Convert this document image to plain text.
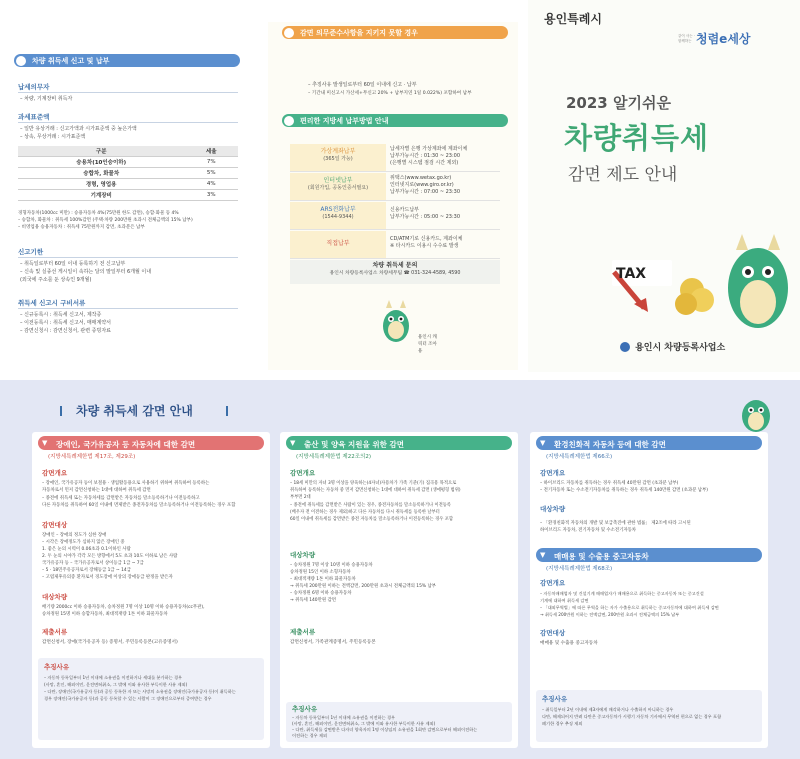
차량 취득세 신고 및 납부
납세의무자
– 차량, 기계장비 취득자
과세표준액
– 일반 유상거래 : 신고가액과 시가표준액 중 높은가액
– 상속, 무상거래 : 시가표준액
구분	세율
승용차(10인승이하)	7%
승합차, 화물차	5%
경형, 영업용	4%
기계장비	3%
경형자동차(1000cc 미만) : 승용자동차 4%(75만원 한도 감면), 승합·화물 등 4%
– 승합차, 화물차 : 취득세 100%감면 (주택·차량 200만원 초과시 전체금액의 15% 납부)
– 비영업용 승용자동차 : 취득세 75만원까지 감면, 초과분은 납부
신고기한
– 취득일로부터 60일 이내 등록하기 전 신고납부
– 신속 및 실종선 게시일이 속하는 달의 말일부터 6개월 이내
(외국에 주소를 둔 상속인 9개월)
취득세 신고시 구비서류
– 신규등록시 : 취득세 신고서, 제작증
– 이전등록시 : 취득세 신고서, 매매계약서
– 감면신청시 : 감면신청서, 관련 증빙자료
감면 의무준수사항을 지키지 못할 경우
– 추징사유 발생일로부터 60일 이내에 신고 · 납부
– 기간내 미신고시 가산세+무신고 20% + 납부지연 1일 0.022%) 포함하여 납부
편리한 지방세 납부방법 안내
가상계좌납부
(365일 가능)
납세자별 은행 가상계좌에 계좌이체
납부가능시간 : 01:30 ~ 23:00
(은행별 시스템 점검 시간 제외)
인터넷납부
(회원가입, 공동인증서필요)
위택스(www.wetax.go.kr)
인터넷지로(www.giro.or.kr)
납부가능시간 : 07:00 ~ 23:30
ARS전화납부
(1544-9344)
신용카드납부
납부가능시간 : 05:00 ~ 23:30
직접납부
CD/ATM기로 신용카드, 계좌이체
※ 타시카드 이용시 수수료 발생
차량 취득세 문의
용인시 차량등록사업소 차량세무팀 ☎ 031-324-4589, 4590
용인시 캐릭터 조아용
용인특례시
같이 사는 · 함께하는 청렴e세상
2023 알기쉬운
차량취득세
감면 제도 안내
TAX
용인시 차량등록사업소
차량 취득세 감면 안내
▼	장애인, 국가유공자 등 자동차에 대한 감면
(지방세특례제한법 제17조, 제29조)
감면개요
– 장애인, 국가유공자 등이 보철용 · 생업활동용으로 사용하기 위하여 취득하여 등록하는
자동차로서 먼저 감면신청하는 1대에 대하여 취득세 감면
– 종전에 취득세 또는 자동차세를 감면받은 자동차를 말소등록하거나 이전등록하고
다른 자동차를 취득하여 60일 이내에 면제받은 종전자동차를 말소등록하거나 이전등록하는 경우 포함
감면대상
장애인 – 장애의 정도가 심한 장애
– 시각은 장애정도가 심하지 않은 장애인 중
1. 좋은 눈의 시력이 0.06초과 0.1이하인 사람
2. 두 눈의 시야가 각각 모든 방향에서 5도 초과 10도 이하로 남은 사람
국가유공자 등 – 국가유공자로서 상이등급 1급 ~ 7급
– 5 · 18민주유공자로서 장해등급 1급 ~ 14급
– 고엽제후유의증 환자로서 경도장애 이상의 장애등급 판정을 받은자
대상차량
배기량 2000cc 이하 승용자동차, 승차정원 7명 이상 10명 이하 승용자동차(cc무관),
승차정원 15명 이하 승합자동차, 최대적재량 1톤 이하 화물자동차
제출서류
감면신청서, 장애(국가유공자 등) 증명서, 주민등록등본(고유증명서)
추징사유
– 자동차 등록일부터 1년 이내에 소유권을 이전하거나 세대를 분가하는 경우
(사망, 혼인, 해외이민, 운전면허취소, 그 밖에 이와 유사한 부득이한 사유 제외)
– 다만, 장애인(국가유공자 등)과 공동 등록한 자 또는 사망의 소유권을 장애인(국가유공자 등)이 취득하는
경우 장애인(국가유공자 등)과 공동 등록할 수 있는 사람이 그 장애인으로부터 증여받는 경우
▼	출산 및 양육 지원을 위한 감면
(지방세특례제한법 제22조의2)
감면개요
– 18세 미만의 자녀 3명 이상을 양육하는(4자녀)자용차가 가족 기준(기) 집곡용 목적으로
취득하여 등록하는 자동차 중 먼저 감면신청하는 1대에 대하여 취득세 감면 (생애평형 범위)
부부면 2대
– 종전에 취득세를 감면받은 사람이 있는 경우, 종전자동차를 말소등록하거나 이전등록
(배우자 전 이전하는 경우 제외)하고 다른 자동차를 다시 취득세를 등록한 날부터
60일 이내에 취득세를 감면받은 종전 자동차를 말소등록하거나 이전등록하는 경우 포함
대상차량
– 승차정원 7명 이상 10명 이하 승용자동차
승차정원 15인 이하 소형자동차
– 최대적재량 1톤 이하 화물자동차
→ 취득세 200만원 이하는 전액감면, 200만원 초과시 전체금액의 15% 납부
– 승차정원 6명 이하 승용자동차
→ 취득세 140만원 감면
제출서류
감면신청서, 가족관계증명서, 주민등록등본
추징사유
– 자동차 등록일부터 1년 이내에 소유권을 이전하는 경우
(사망, 혼인, 해외이민, 운전면허취소, 그 밖에 이와 유사한 부득이한 사유 제외)
– 다만, 취득세를 감면받은 다자녀 양육자의 1명 이상임의 소유권을 1회만 감면으로부터 해외이전하는
이전하는 경우 제외
▼	환경친화적 자동차 등에 대한 감면
(지방세특례제한법 제66조)
감면개요
– 하이브리드 자동차를 취득하는 경우 취득세 40만원 감면 (초과분 납부)
– 전기자동차 또는 수소전기자동차를 취득하는 경우 취득세 140만원 감면 (초과분 납부)
대상차량
– 「환경친화적 자동차의 개발 및 보급촉진에 관한 법률」 제2조에 따라 고시된
하이브리드 자동차, 전기자동차 및 수소전기자동차
▼	매매용 및 수출용 중고자동차
(지방세특례제한법 제68조)
감면개요
– 자동차매매업자 및 건설기계 매매업자가 매매용으로 취득하는 중고자동차 또는 중고건설
기계에 대하여 취득세 감면
– 「대외무역법」에 따른 무역을 하는 자가 수출용으로 취득하는 중고자동차에 대하여 취득세 감면
→ 취득세 200만원 이하는 전액감면, 200만원 초과시 전체금액의 15% 납부
감면대상
매매용 및 수출용 중고자동차
추징사유
– 취득일부터 2년 이내에 제3자에게 매각하거나 수출하지 아니하는 경우
다만, 해제되어지 반려 다만은 중고자동차가 시행기 자동차 기사에서 무역된 편으로 없는 경우 포함
폐기한 경우 추징 제외
